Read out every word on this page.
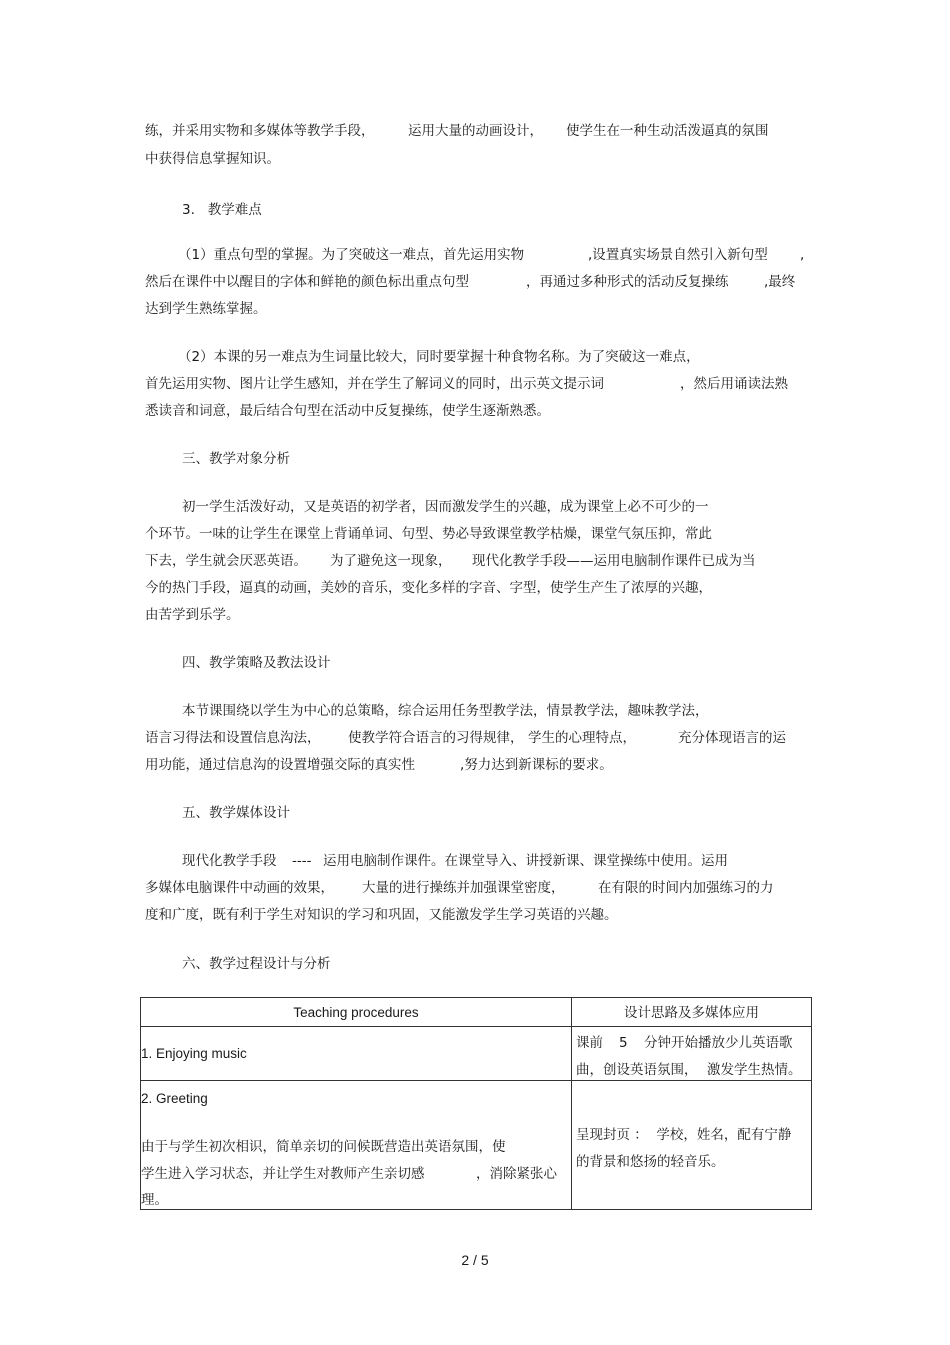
练，并采用实物和多媒体等教学手段， 运用大量的动画设计， 使学生在一种生动活泼逼真的氛围
中获得信息掌握知识。
3.   教学难点
（1）重点句型的掌握。为了突破这一难点，首先运用实物	,设置真实场景自然引入新句型 ,
然后在课件中以醒目的字体和鲜艳的颜色标出重点句型	，再通过多种形式的活动反复操练	,最终
达到学生熟练掌握。
（2）本课的另一难点为生词量比较大，同时要掌握十种食物名称。为了突破这一难点，
首先运用实物、图片让学生感知，并在学生了解词义的同时，出示英文提示词	，然后用诵读法熟
悉读音和词意，最后结合句型在活动中反复操练，使学生逐渐熟悉。
三、教学对象分析
初一学生活泼好动，又是英语的初学者，因而激发学生的兴趣，成为课堂上必不可少的一
个环节。一味的让学生在课堂上背诵单词、句型、势必导致课堂教学枯燥，课堂气氛压抑，常此
下去，学生就会厌恶英语。 为了避免这一现象， 现代化教学手段——运用电脑制作课件已成为当
今的热门手段，逼真的动画，美妙的音乐，变化多样的字音、字型，使学生产生了浓厚的兴趣，
由苦学到乐学。
四、教学策略及教法设计
本节课围绕以学生为中心的总策略，综合运用任务型教学法，情景教学法，趣味教学法，
语言习得法和设置信息沟法， 使教学符合语言的习得规律， 学生的心理特点，	充分体现语言的运
用功能，通过信息沟的设置增强交际的真实性	,努力达到新课标的要求。
五、教学媒体设计
现代化教学手段 ---- 运用电脑制作课件。在课堂导入、讲授新课、课堂操练中使用。运用
多媒体电脑课件中动画的效果， 大量的进行操练并加强课堂密度， 在有限的时间内加强练习的力
度和广度，既有利于学生对知识的学习和巩固，又能激发学生学习英语的兴趣。
六、教学过程设计与分析
Teaching procedures	设计思路及多媒体应用

1. Enjoying music	课前 5 分钟开始播放少儿英语歌
曲，创设英语氛围， 激发学生热情。

2. Greeting
由于与学生初次相识，简单亲切的问候既营造出英语氛围，使
学生进入学习状态，并让学生对教师产生亲切感 ，消除紧张心
理。	呈现封页 ：  学校，姓名，配有宁静
的背景和悠扬的轻音乐。
2 / 5
